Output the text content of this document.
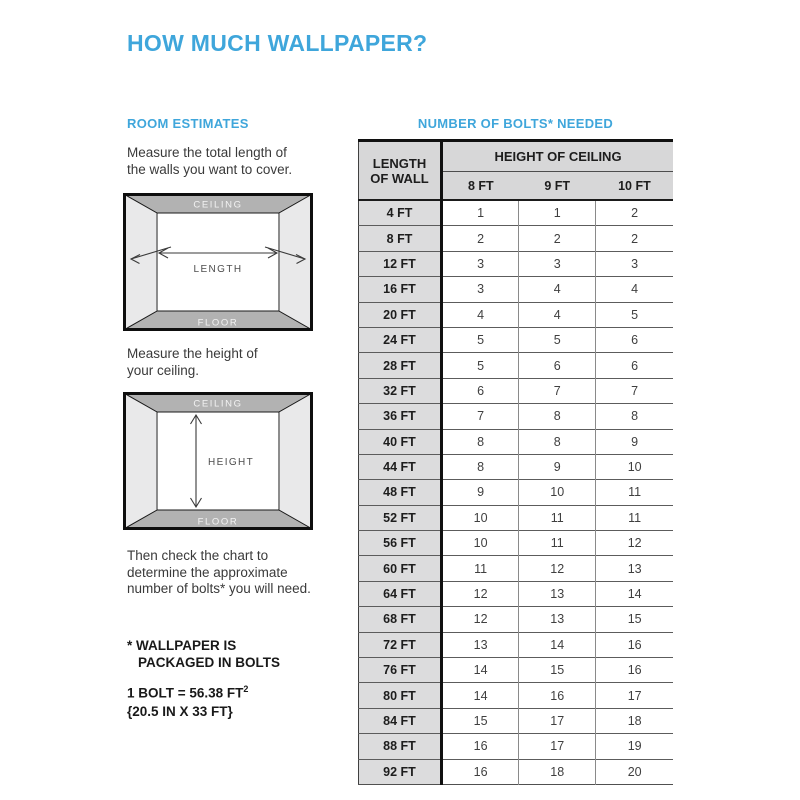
HOW MUCH WALLPAPER?
ROOM ESTIMATES	NUMBER OF BOLTS* NEEDED

Measure the total length of
the walls you want to cover.

CEILING
FLOOR
LENGTH

Measure the height of
your ceiling.

CEILING
FLOOR
HEIGHT

Then check the chart to
determine the approximate
number of bolts* you will need.

* WALLPAPER IS
PACKAGED IN BOLTS

1 BOLT = 56.38 $FT^2$
{20.5 IN X 33 FT}

LENGTH
OF WALL	HEIGHT OF CEILING		
	8 FT	9 FT	10 FT
4 FT	1	1	2
8 FT	2	2	2
12 FT	3	3	3
16 FT	3	4	4
20 FT	4	4	5
24 FT	5	5	6
28 FT	5	6	6
32 FT	6	7	7
36 FT	7	8	8
40 FT	8	8	9
44 FT	8	9	10
48 FT	9	10	11
52 FT	10	11	11
56 FT	10	11	12
60 FT	11	12	13
64 FT	12	13	14
68 FT	12	13	15
72 FT	13	14	16
76 FT	14	15	16
80 FT	14	16	17
84 FT	15	17	18
88 FT	16	17	19
92 FT	16	18	20
